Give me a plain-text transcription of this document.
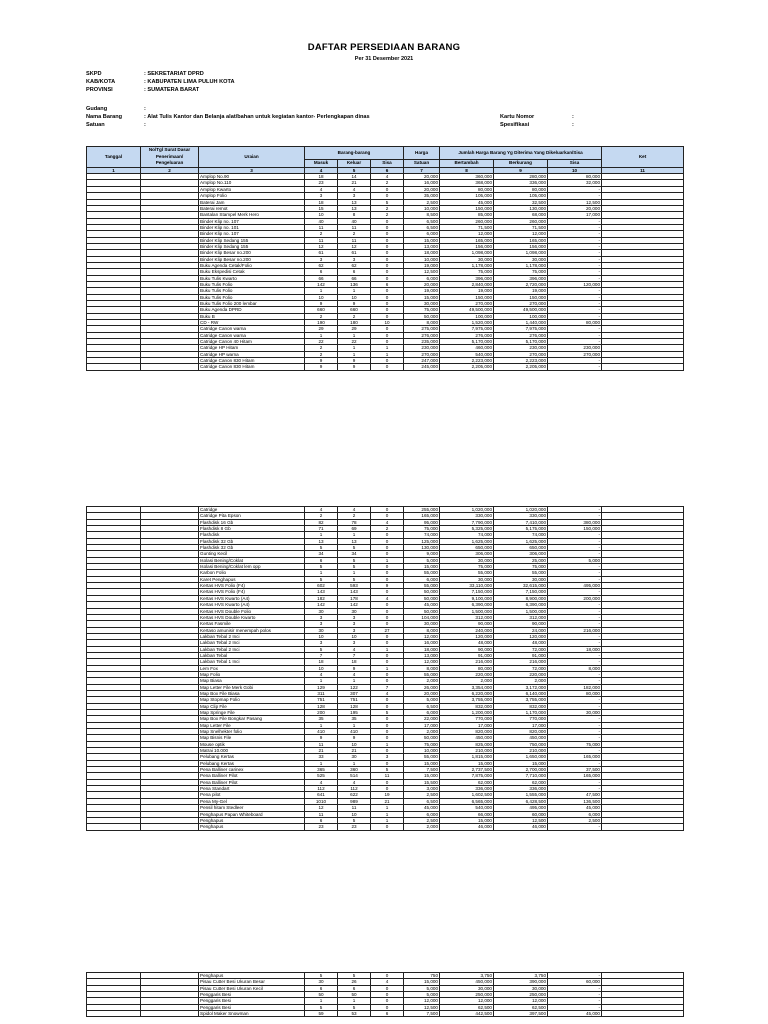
DAFTAR PERSEDIAAN BARANG
Per 31 Desember 2021
SKPD	: SEKRETARIAT DPRD
KAB/KOTA	: KABUPATEN LIMA PULUH KOTA
PROVINSI	: SUMATERA BARAT
Gudang	:
Nama Barang	: Alat Tulis Kantor dan Belanja alat/bahan untuk kegiatan kantor- Perlengkapan dinas
Satuan	:
Kartu Nomor	:
Spesifikasi	:
Tanggal	No/Tgl Surat Dasar Penerimaan/ Pengeluaran	Uraian	Barang-barang			Harga	Jumlah Harga Barang Yg Diterima Yang Dikeluarkan/Sisa			Ket

			Masuk	Keluar	Sisa	Satuan	Bertambah	Berkurang	Sisa	
1	2	3	4	5	6	7	8	9	10	11
		Amplop No.90	18	14	4	20,000	360,000	280,000	80,000	
		Amplop No.110	23	21	2	16,000	368,000	336,000	32,000	
		Amplop Kwarto	4	4	0	20,000	80,000	80,000	-	
		Amplop Folio	3	3	0	35,000	105,000	105,000	-	
		Baterai Jam	18	13	5	2,500	45,000	32,500	12,500	
		Baterai remot	15	13	2	10,000	150,000	130,000	20,000	
		Bantalan Stampel Merk Hero	10	8	2	8,500	85,000	68,000	17,000	
		Binder Klip no. 107	40	40	0	6,500	260,000	260,000	-	
		Binder Klip no. 101	11	11	0	6,500	71,500	71,500	-	
		Binder Klip no. 107	2	2	0	6,000	12,000	12,000	-	
		Binder Klip Sedang 155	11	11	0	15,000	165,000	165,000	-	
		Binder Klip Sedang 155	12	12	0	13,000	156,000	156,000	-	
		Binder Klip Besar no.200	61	61	0	18,000	1,098,000	1,098,000	-	
		Binder Klip Besar no.200	3	3	0	10,000	30,000	30,000	-	
		Buku Agenda Cetak/Folio	62	62	0	19,000	1,178,000	1,178,000	-	
		Buku Ekspedisi Cetak	6	6	0	12,500	75,000	75,000	-	
		Buku Tulis Kwarto	66	66	0	6,000	396,000	396,000	-	
		Buku Tulis Folio	142	136	6	20,000	2,840,000	2,720,000	120,000	
		Buku Tulis Folio	1	1	0	19,000	19,000	19,000	-	
		Buku Tulis Folio	10	10	0	15,000	150,000	150,000	-	
		Buku Tulis Folio 200 lembar	9	9	0	30,000	270,000	270,000	-	
		Buku Agenda DPRD	660	660	0	75,000	49,500,000	49,500,000	-	
		Buku B	2	2	0	50,000	100,000	100,000	-	
		CD - RW	190	180	10	8,000	1,520,000	1,440,000	80,000	
		Catridge Canon warna	29	29	0	275,000	7,975,000	7,975,000	-	
		Catridge Canon warna	1	1	0	276,000	276,000	276,000	-	
		Catridge Canon 40 Hitam	22	22	0	235,000	5,170,000	5,170,000	-	
		Catridge HP Hitam	2	1	1	230,000	460,000	230,000	230,000	
		Catridge HP warna	2	1	1	270,000	540,000	270,000	270,000	
		Catridge Canon 830 Hitam	9	9	0	247,000	2,223,000	2,223,000	-	
		Catridge Canon 830 Hitam	9	9	0	245,000	2,205,000	2,205,000	-	
		Catridge	4	4	0	255,000	1,020,000	1,020,000	-	
		Catridge Pita Epson	2	2	0	165,000	330,000	330,000	-	
		Flashdisk 16 Gb	82	78	4	95,000	7,790,000	7,410,000	380,000	
		Flashdisk 8 Gb	71	69	2	75,000	5,325,000	5,175,000	150,000	
		Flashdisk	1	1	0	74,000	74,000	74,000	-	
		Flashdisk 32 Gb	13	13	0	125,000	1,625,000	1,625,000	-	
		Flashdisk 32 Gb	5	5	0	130,000	650,000	650,000	-	
		Gunting Kecil	34	34	0	9,000	306,000	306,000	-	
		Isolasi Bening/Coklat	6	5	1	5,000	30,000	25,000	5,000	
		Isolasi Bening/Coklat lem opp	5	5	0	15,000	75,000	75,000	-	
		Karbon Folio	1	1	0	55,000	55,000	55,000	-	
		Karet Penghapus	5	5	0	6,000	30,000	30,000	-	
		Kertas HVS Folio (F4)	602	593	9	55,000	33,110,000	32,615,000	495,000	
		Kertas HVS Folio (F4)	143	143	0	50,000	7,150,000	7,150,000	-	
		Kertas HVS Kwarto (A4)	182	178	4	50,000	9,100,000	8,900,000	200,000	
		Kertas HVS Kwarto (A4)	142	142	0	45,000	6,390,000	6,390,000	-	
		Kertas HVS Double Folio	30	30	0	50,000	1,500,000	1,500,000	-	
		Kertas HVS Double Kwarto	3	3	0	104,000	312,000	312,000	-	
		Kertas Fasmile	3	3	0	30,000	90,000	90,000	-	
		Kertaso amunisir menempah polos	30	3	27	8,000	240,000	24,000	216,000	
		Lakban Tebal 2 Inci	10	10	0	12,000	120,000	120,000	-	
		Lakban Tebal 2 Inci	3	3	0	16,000	48,000	48,000	-	
		Lakban Tebal 2 Inci	5	4	1	18,000	90,000	72,000	18,000	
		Lakban Tebal	7	7	0	13,000	91,000	91,000	-	
		Lakban Tebal 1 Inci	18	18	0	12,000	216,000	216,000	-	
		Lem Fox	10	9	1	8,000	80,000	72,000	8,000	
		Map Folio	4	4	0	55,000	220,000	220,000	-	
		Map Biasa	1	1	0	2,000	2,000	2,000	-	
		Map Letter File Merk Gobi	129	122	7	26,000	3,354,000	3,172,000	182,000	
		Map Box File Biasa	311	307	4	20,000	6,220,000	6,140,000	80,000	
		Map Stopmap Folio	751	751	0	5,000	3,755,000	3,755,000	-	
		Map Clip File	128	128	0	6,500	832,000	832,000	-	
		Map Springe File	200	195	5	6,000	1,200,000	1,170,000	30,000	
		Map Box File Bongkar Pasang	35	35	0	22,000	770,000	770,000	-	
		Map Letter File	1	1	0	17,000	17,000	17,000	-	
		Map Snelhekter folio	410	410	0	2,000	820,000	820,000	-	
		Map Bisnis File	9	9	0	50,000	450,000	450,000	-	
		Mouse optik	11	10	1	75,000	825,000	750,000	75,000	
		Matrai 10.000	21	21	0	10,000	210,000	210,000	-	
		Pelubang Kertas	33	30	3	55,000	1,815,000	1,650,000	165,000	
		Pelubang Kertas	1	1	0	15,000	15,000	15,000	-	
		Pena Balliner carinex	365	360	5	7,500	2,737,500	2,700,000	37,500	
		Pena Balliner Pilot	525	514	11	15,000	7,875,000	7,710,000	165,000	
		Pena Balliner Pilot	4	4	0	15,500	62,000	62,000	-	
		Pena Standart	112	112	0	3,000	336,000	336,000	-	
		Pena pilot	641	622	19	2,500	1,602,500	1,555,000	47,500	
		Pena My-Gel	1010	989	21	6,500	6,565,000	6,428,500	136,500	
		Pensil hitam Stedleer	12	11	1	45,000	540,000	495,000	45,000	
		Penghapus Papan Whiteboard	11	10	1	6,000	66,000	60,000	6,000	
		Penghapus	6	5	1	2,500	15,000	12,500	2,500	
		Penghapus	23	23	0	2,000	46,000	46,000	-	
		Penghapus	5	5	0	750	3,750	3,750	-	
		Pisau Cutter Besi Ukuran Besar	30	26	4	15,000	450,000	390,000	60,000	
		Pisau Cutter Besi Ukuran Kecil	6	6	0	5,000	30,000	30,000	-	
		Penggaris Besi	50	50	0	5,000	250,000	250,000	-	
		Penggaris Besi	1	1	0	12,000	12,000	12,000	-	
		Penggaris Besi	5	5	0	12,500	62,500	62,500	-	
		Spidol Maker Snowman	59	53	6	7,500	442,500	397,500	45,000	
